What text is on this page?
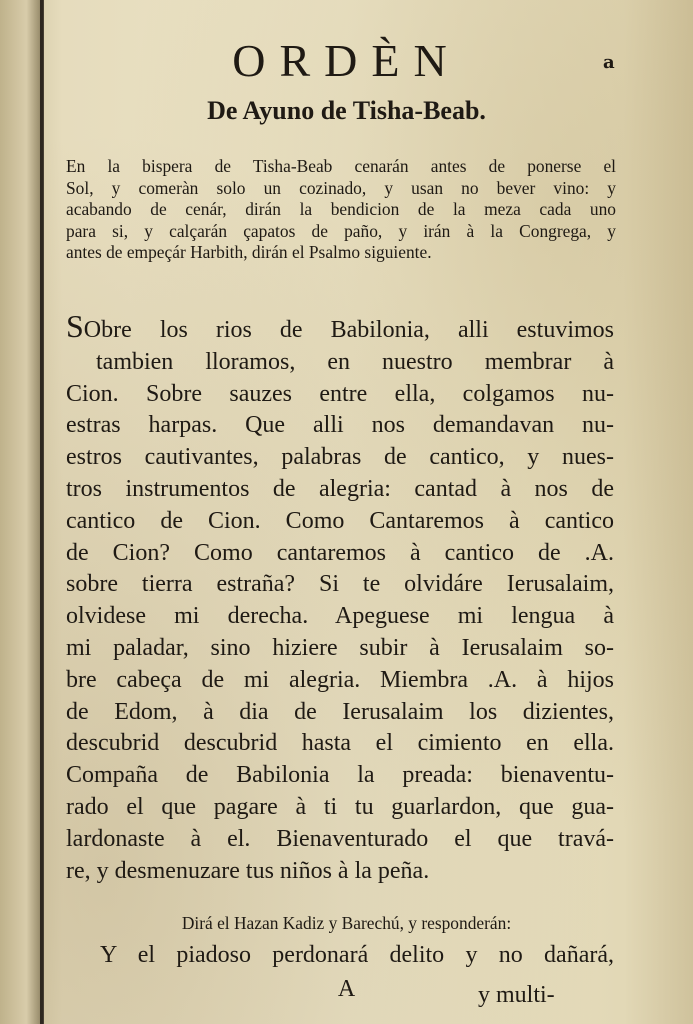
ORDÈN	a
De Ayuno de Tisha-Beab.

En la bispera de Tisha-Beab cenarán antes de ponerse el
Sol, y comeràn solo un cozinado, y usan no bever vino: y
acabando de cenár, dirán la bendicion de la meza cada uno
para si, y calçarán çapatos de paño, y irán à la Congrega, y
antes de empeçár Harbith, dirán el Psalmo siguiente.

SObre los rios de Babilonia, alli estuvimos
tambien lloramos, en nuestro membrar à
Cion. Sobre sauzes entre ella, colgamos nu-
estras harpas. Que alli nos demandavan nu-
estros cautivantes, palabras de cantico, y nues-
tros instrumentos de alegria: cantad à nos de
cantico de Cion. Como Cantaremos à cantico
de Cion? Como cantaremos à cantico de .A.
sobre tierra estraña? Si te olvidáre Ierusalaim,
olvidese mi derecha. Apeguese mi lengua à
mi paladar, sino hiziere subir à Ierusalaim so-
bre cabeça de mi alegria. Miembra .A. à hijos
de Edom, à dia de Ierusalaim los dizientes,
descubrid descubrid hasta el cimiento en ella.
Compaña de Babilonia la preada: bienaventu-
rado el que pagare à ti tu guarlardon, que gua-
lardonaste à el. Bienaventurado el que travá-
re, y desmenuzare tus niños à la peña.

Dirá el Hazan Kadiz y Barechú, y responderán:

Y el piadoso perdonará delito y no dañará,

A	y multi-
